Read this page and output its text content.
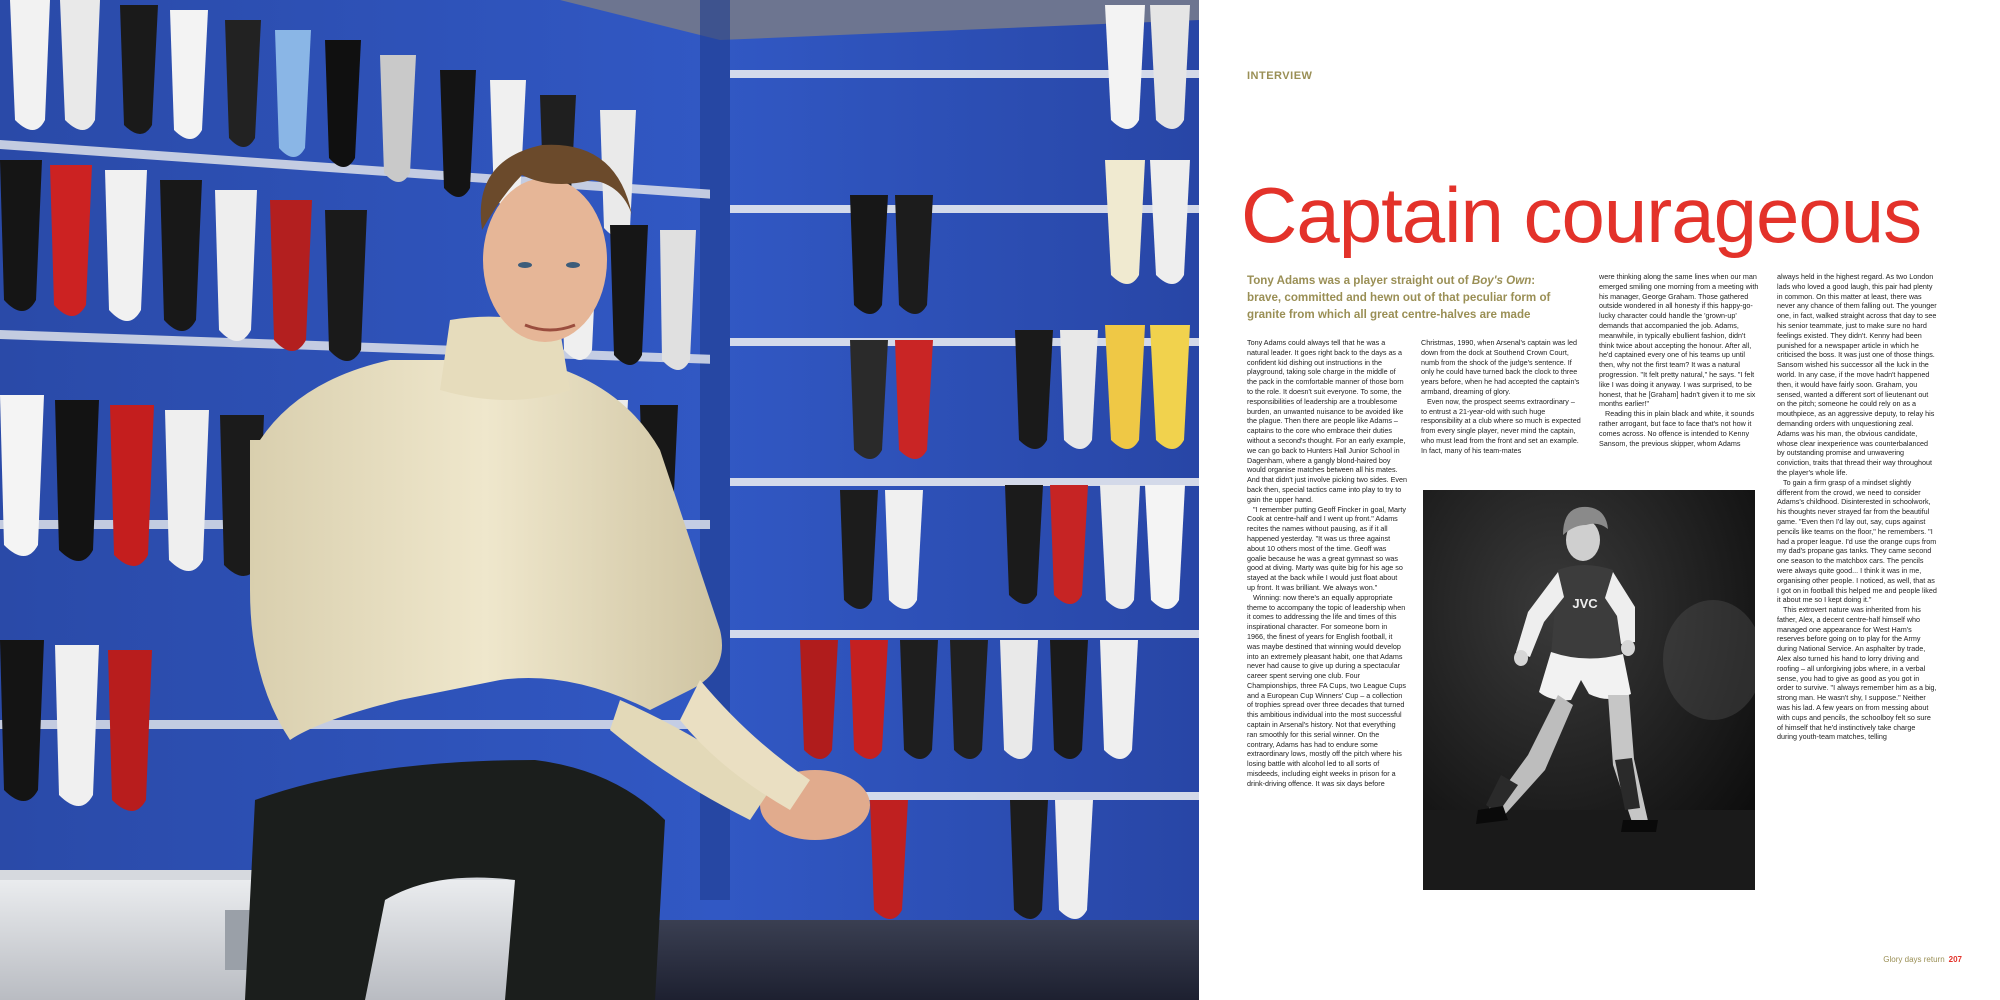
INTERVIEW
Captain courageous
Tony Adams was a player straight out of Boy's Own: brave, committed and hewn out of that peculiar form of granite from which all great centre-halves are made

Tony Adams could always tell that he was a natural leader. It goes right back to the days as a confident kid dishing out instructions in the playground, taking sole charge in the middle of the pack in the comfortable manner of those born to the role. It doesn't suit everyone. To some, the responsibilities of leadership are a troublesome burden, an unwanted nuisance to be avoided like the plague. Then there are people like Adams – captains to the core who embrace their duties without a second's thought. For an early example, we can go back to Hunters Hall Junior School in Dagenham, where a gangly blond-haired boy would organise matches between all his mates. And that didn't just involve picking two sides. Even back then, special tactics came into play to try to gain the upper hand.

"I remember putting Geoff Fincker in goal, Marty Cook at centre-half and I went up front." Adams recites the names without pausing, as if it all happened yesterday. "It was us three against about 10 others most of the time. Geoff was goalie because he was a great gymnast so was good at diving. Marty was quite big for his age so stayed at the back while I would just float about up front. It was brilliant. We always won."

Winning: now there's an equally appropriate theme to accompany the topic of leadership when it comes to addressing the life and times of this inspirational character. For someone born in 1966, the finest of years for English football, it was maybe destined that winning would develop into an extremely pleasant habit, one that Adams never had cause to give up during a spectacular career spent serving one club. Four Championships, three FA Cups, two League Cups and a European Cup Winners' Cup – a collection of trophies spread over three decades that turned this ambitious individual into the most successful captain in Arsenal's history. Not that everything ran smoothly for this serial winner. On the contrary, Adams has had to endure some extraordinary lows, mostly off the pitch where his losing battle with alcohol led to all sorts of misdeeds, including eight weeks in prison for a drink-driving offence. It was six days before

Christmas, 1990, when Arsenal's captain was led down from the dock at Southend Crown Court, numb from the shock of the judge's sentence. If only he could have turned back the clock to three years before, when he had accepted the captain's armband, dreaming of glory.

Even now, the prospect seems extraordinary – to entrust a 21-year-old with such huge responsibility at a club where so much is expected from every single player, never mind the captain, who must lead from the front and set an example. In fact, many of his team-mates

were thinking along the same lines when our man emerged smiling one morning from a meeting with his manager, George Graham. Those gathered outside wondered in all honesty if this happy-go-lucky character could handle the 'grown-up' demands that accompanied the job. Adams, meanwhile, in typically ebullient fashion, didn't think twice about accepting the honour. After all, he'd captained every one of his teams up until then, why not the first team? It was a natural progression. "It felt pretty natural," he says. "I felt like I was doing it anyway. I was surprised, to be honest, that he [Graham] hadn't given it to me six months earlier!"

Reading this in plain black and white, it sounds rather arrogant, but face to face that's not how it comes across. No offence is intended to Kenny Sansom, the previous skipper, whom Adams

always held in the highest regard. As two London lads who loved a good laugh, this pair had plenty in common. On this matter at least, there was never any chance of them falling out. The younger one, in fact, walked straight across that day to see his senior teammate, just to make sure no hard feelings existed. They didn't. Kenny had been punished for a newspaper article in which he criticised the boss. It was just one of those things. Sansom wished his successor all the luck in the world. In any case, if the move hadn't happened then, it would have fairly soon. Graham, you sensed, wanted a different sort of lieutenant out on the pitch; someone he could rely on as a mouthpiece, as an aggressive deputy, to relay his demanding orders with unquestioning zeal. Adams was his man, the obvious candidate, whose clear inexperience was counterbalanced by outstanding promise and unwavering conviction, traits that thread their way throughout the player's whole life.

To gain a firm grasp of a mindset slightly different from the crowd, we need to consider Adams's childhood. Disinterested in schoolwork, his thoughts never strayed far from the beautiful game. "Even then I'd lay out, say, cups against pencils like teams on the floor," he remembers. "I had a proper league. I'd use the orange cups from my dad's propane gas tanks. They came second one season to the matchbox cars. The pencils were always quite good... I think it was in me, organising other people. I noticed, as well, that as I got on in football this helped me and people liked it about me so I kept doing it."

This extrovert nature was inherited from his father, Alex, a decent centre-half himself who managed one appearance for West Ham's reserves before going on to play for the Army during National Service. An asphalter by trade, Alex also turned his hand to lorry driving and roofing – all unforgiving jobs where, in a verbal sense, you had to give as good as you got in order to survive. "I always remember him as a big, strong man. He wasn't shy, I suppose." Neither was his lad. A few years on from messing about with cups and pencils, the schoolboy felt so sure of himself that he'd instinctively take charge during youth-team matches, telling

JVC
Glory days return 207
